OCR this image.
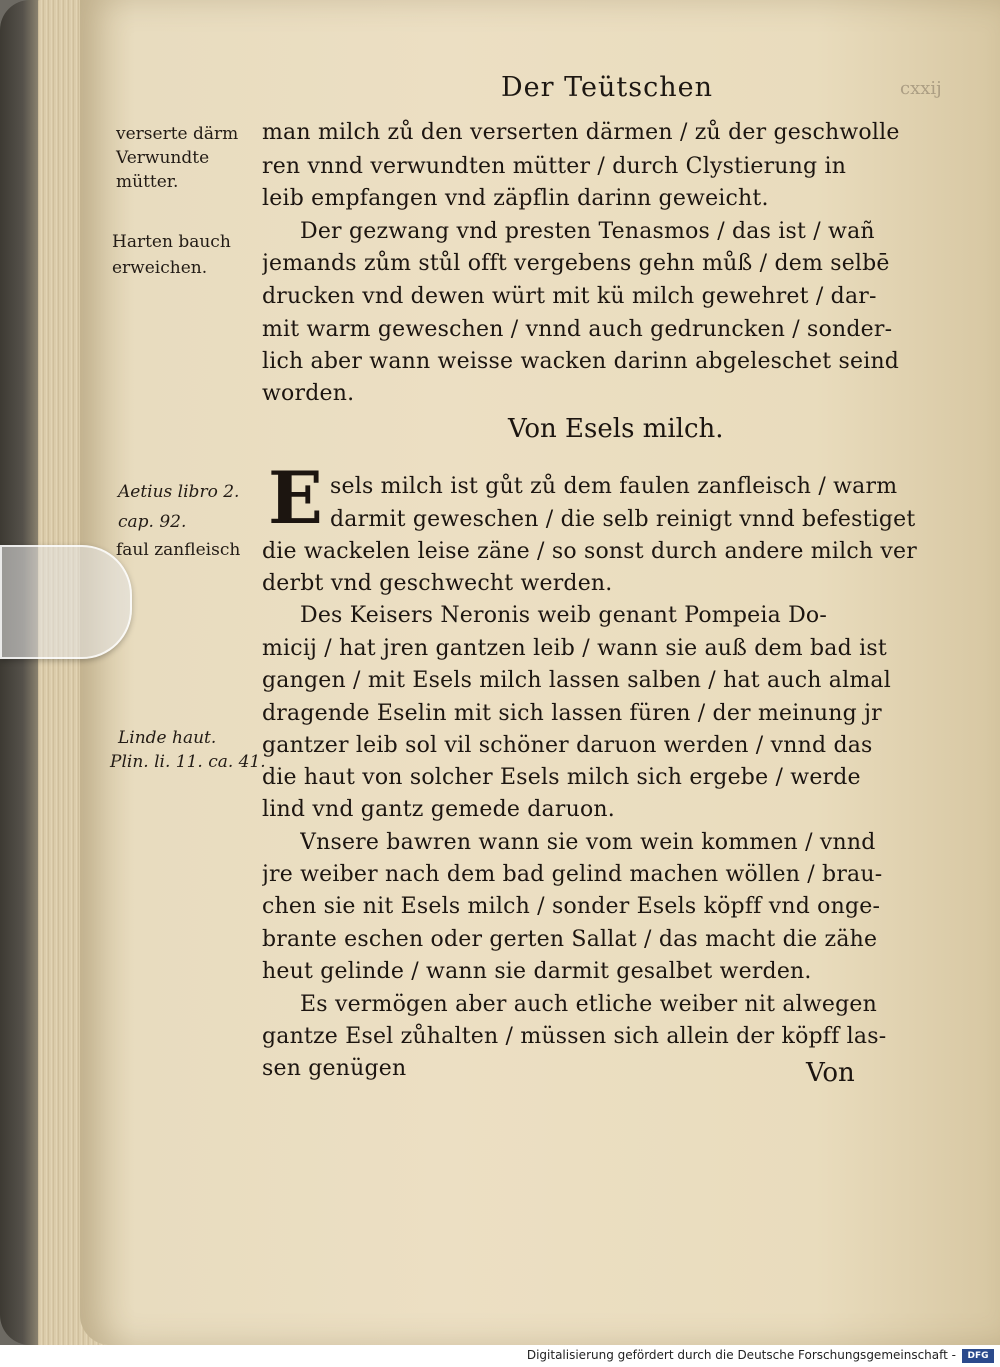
Der Teütschen	cxxij
verserte därm
Verwundte
mütter.
Harten bauch
erweichen.
Aetius libro 2.
cap. 92.
faul zanfleisch
Linde haut.
Plin. li. 11. ca. 41.
man milch zů den verserten därmen / zů der geschwolle
ren vnnd verwundten mütter / durch Clystierung in
leib empfangen vnd zäpflin darinn geweicht.
Der gezwang vnd presten Tenasmos / das ist / wañ
jemands zům stůl offt vergebens gehn můß / dem selbē
drucken vnd dewen würt mit kü milch gewehret / dar-
mit warm geweschen / vnnd auch gedruncken / sonder-
lich aber wann weisse wacken darinn abgeleschet seind
worden.
Von Esels milch.
E sels milch ist gůt zů dem faulen zanfleisch / warm
darmit geweschen / die selb reinigt vnnd befestiget
die wackelen leise zäne / so sonst durch andere milch ver
derbt vnd geschwecht werden.
Des Keisers Neronis weib genant Pompeia Do-
micij / hat jren gantzen leib / wann sie auß dem bad ist
gangen / mit Esels milch lassen salben / hat auch almal
dragende Eselin mit sich lassen füren / der meinung jr
gantzer leib sol vil schöner daruon werden / vnnd das
die haut von solcher Esels milch sich ergebe / werde
lind vnd gantz gemede daruon.
Vnsere bawren wann sie vom wein kommen / vnnd
jre weiber nach dem bad gelind machen wöllen / brau-
chen sie nit Esels milch / sonder Esels köpff vnd onge-
brante eschen oder gerten Sallat / das macht die zähe
heut gelinde / wann sie darmit gesalbet werden.
Es vermögen aber auch etliche weiber nit alwegen
gantze Esel zůhalten / müssen sich allein der köpff las-
sen genügen	Von
Digitalisierung gefördert durch die Deutsche Forschungsgemeinschaft -	DFG
